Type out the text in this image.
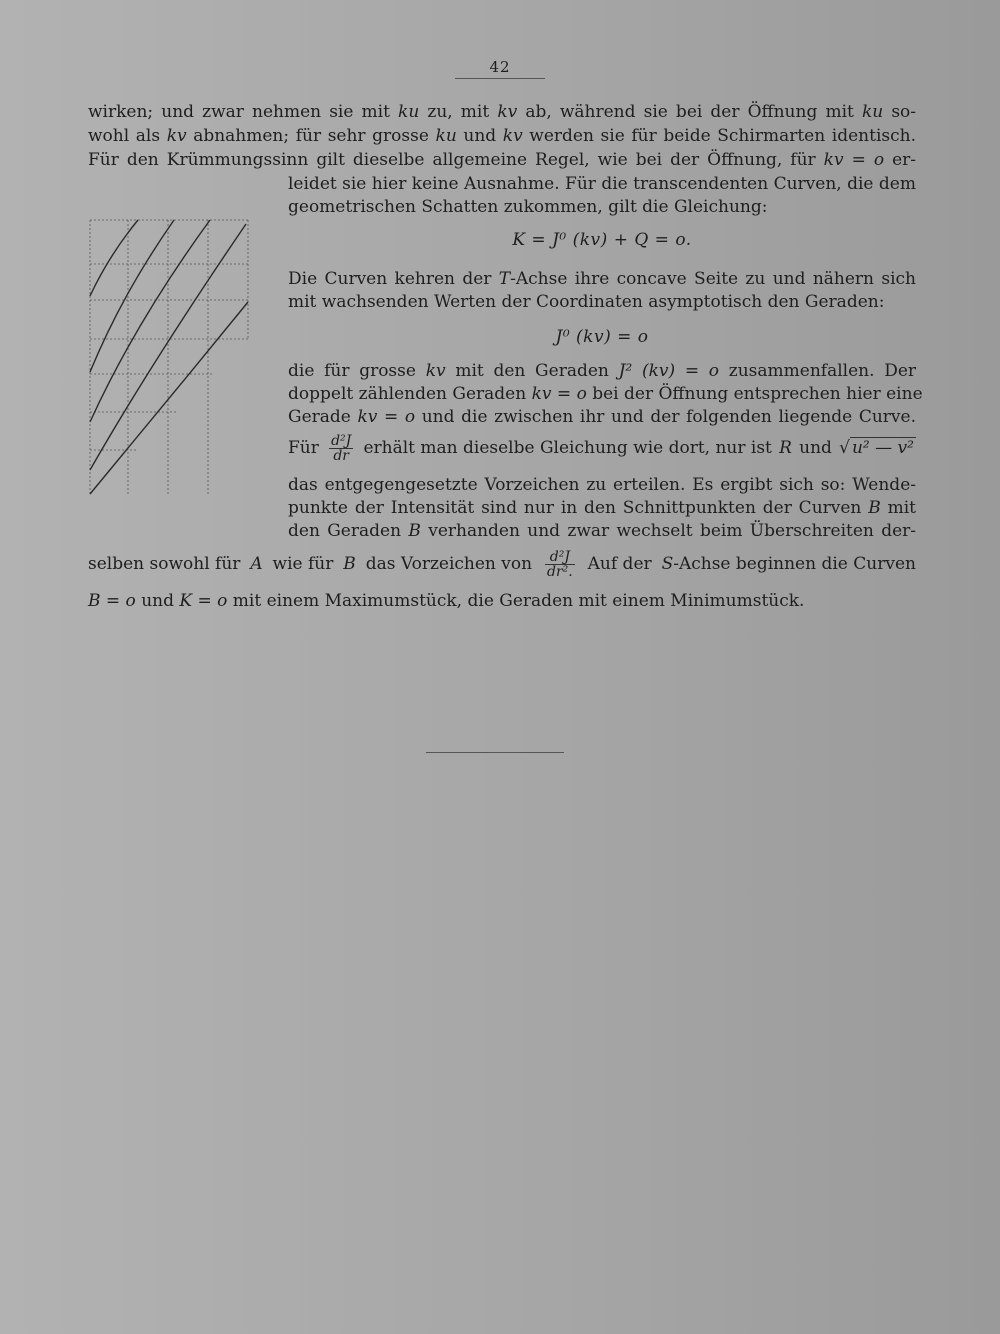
42
wirken; und zwar nehmen sie mit ku zu, mit kv ab, während sie bei der Öffnung mit ku so-
wohl als kv abnahmen; für sehr grosse ku und kv werden sie für beide Schirmarten identisch.
Für den Krümmungssinn gilt dieselbe allgemeine Regel, wie bei der Öffnung, für kv = o er-
leidet sie hier keine Ausnahme. Für die transcendenten Curven, die dem
geometrischen Schatten zukommen, gilt die Gleichung:
K = J⁰ (kv) + Q = o.
Die Curven kehren der T-Achse ihre concave Seite zu und nähern sich
mit wachsenden Werten der Coordinaten asymptotisch den Geraden:
J⁰ (kv) = o
die für grosse kv mit den Geraden J² (kv) = o zusammenfallen. Der
doppelt zählenden Geraden kv = o bei der Öffnung entsprechen hier eine
Gerade kv = o und die zwischen ihr und der folgenden liegende Curve.
Für $\frac{\text{d²J}}{dr}$ erhält man dieselbe Gleichung wie dort, nur ist R und √ u² — v²
das entgegengesetzte Vorzeichen zu erteilen. Es ergibt sich so: Wende-
punkte der Intensität sind nur in den Schnittpunkten der Curven B mit
den Geraden B verhanden und zwar wechselt beim Überschreiten der-
selben sowohl für A wie für B das Vorzeichen von $\frac{\text{d²J}}{\text{dr².}}$ Auf der S-Achse beginnen die Curven
B = o und K = o mit einem Maximumstück, die Geraden mit einem Minimumstück.
